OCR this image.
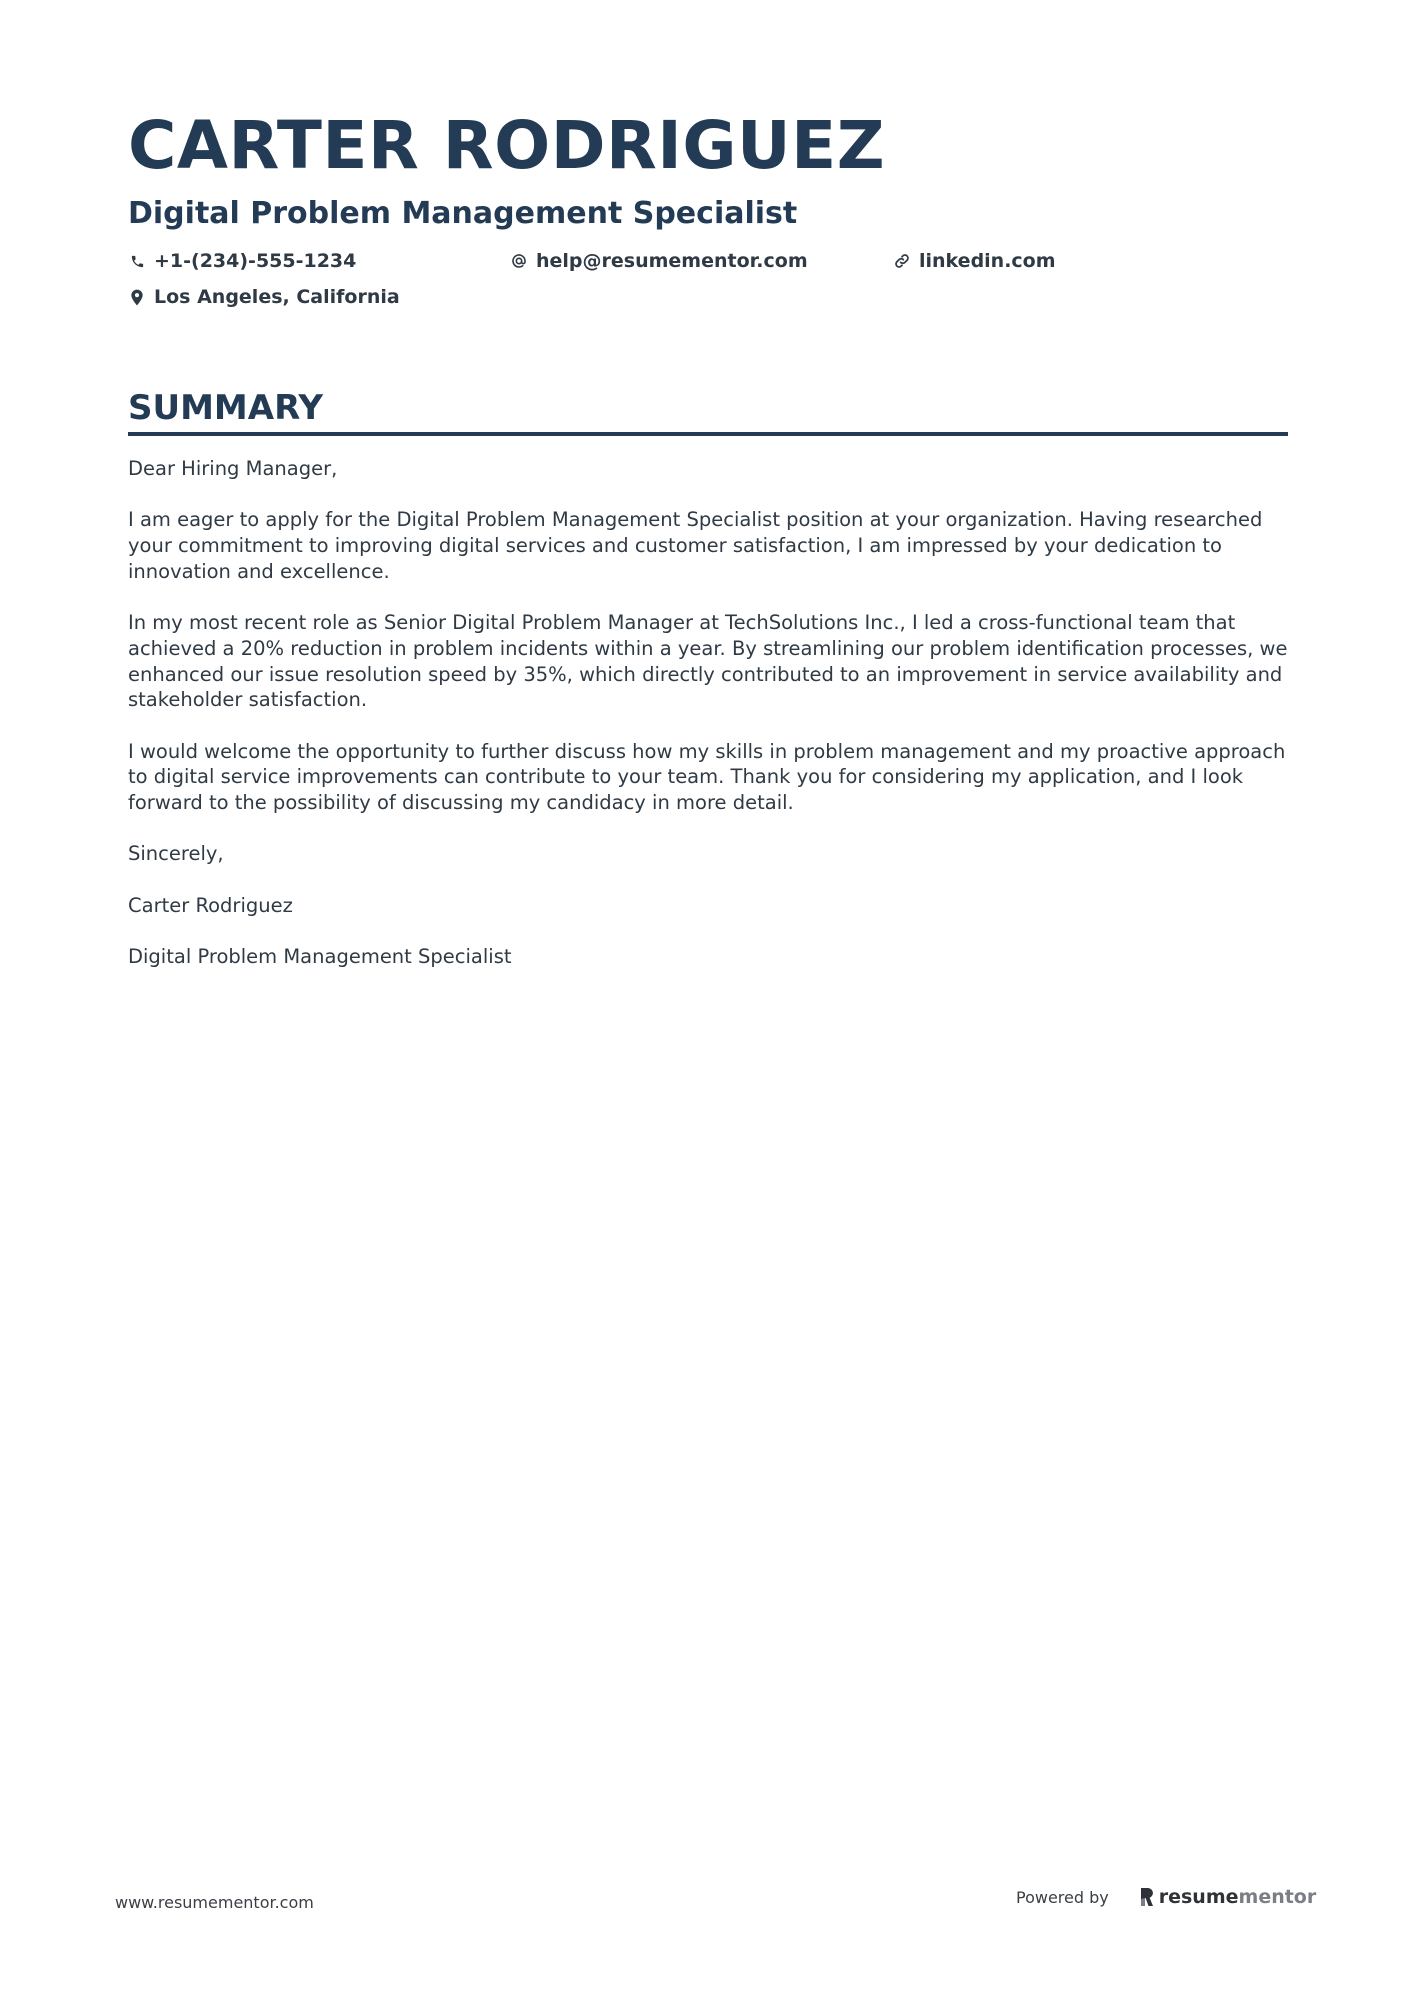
CARTER RODRIGUEZ
Digital Problem Management Specialist
+1-(234)-555-1234	help@resumementor.com	linkedin.com
Los Angeles, California
SUMMARY

Dear Hiring Manager,

I am eager to apply for the Digital Problem Management Specialist position at your organization. Having researched your commitment to improving digital services and customer satisfaction, I am impressed by your dedication to innovation and excellence.

In my most recent role as Senior Digital Problem Manager at TechSolutions Inc., I led a cross-functional team that achieved a 20% reduction in problem incidents within a year. By streamlining our problem identification processes, we enhanced our issue resolution speed by 35%, which directly contributed to an improvement in service availability and stakeholder satisfaction.

I would welcome the opportunity to further discuss how my skills in problem management and my proactive approach to digital service improvements can contribute to your team. Thank you for considering my application, and I look forward to the possibility of discussing my candidacy in more detail.

Sincerely,

Carter Rodriguez

Digital Problem Management Specialist

www.resumementor.com	Powered by	resume mentor
